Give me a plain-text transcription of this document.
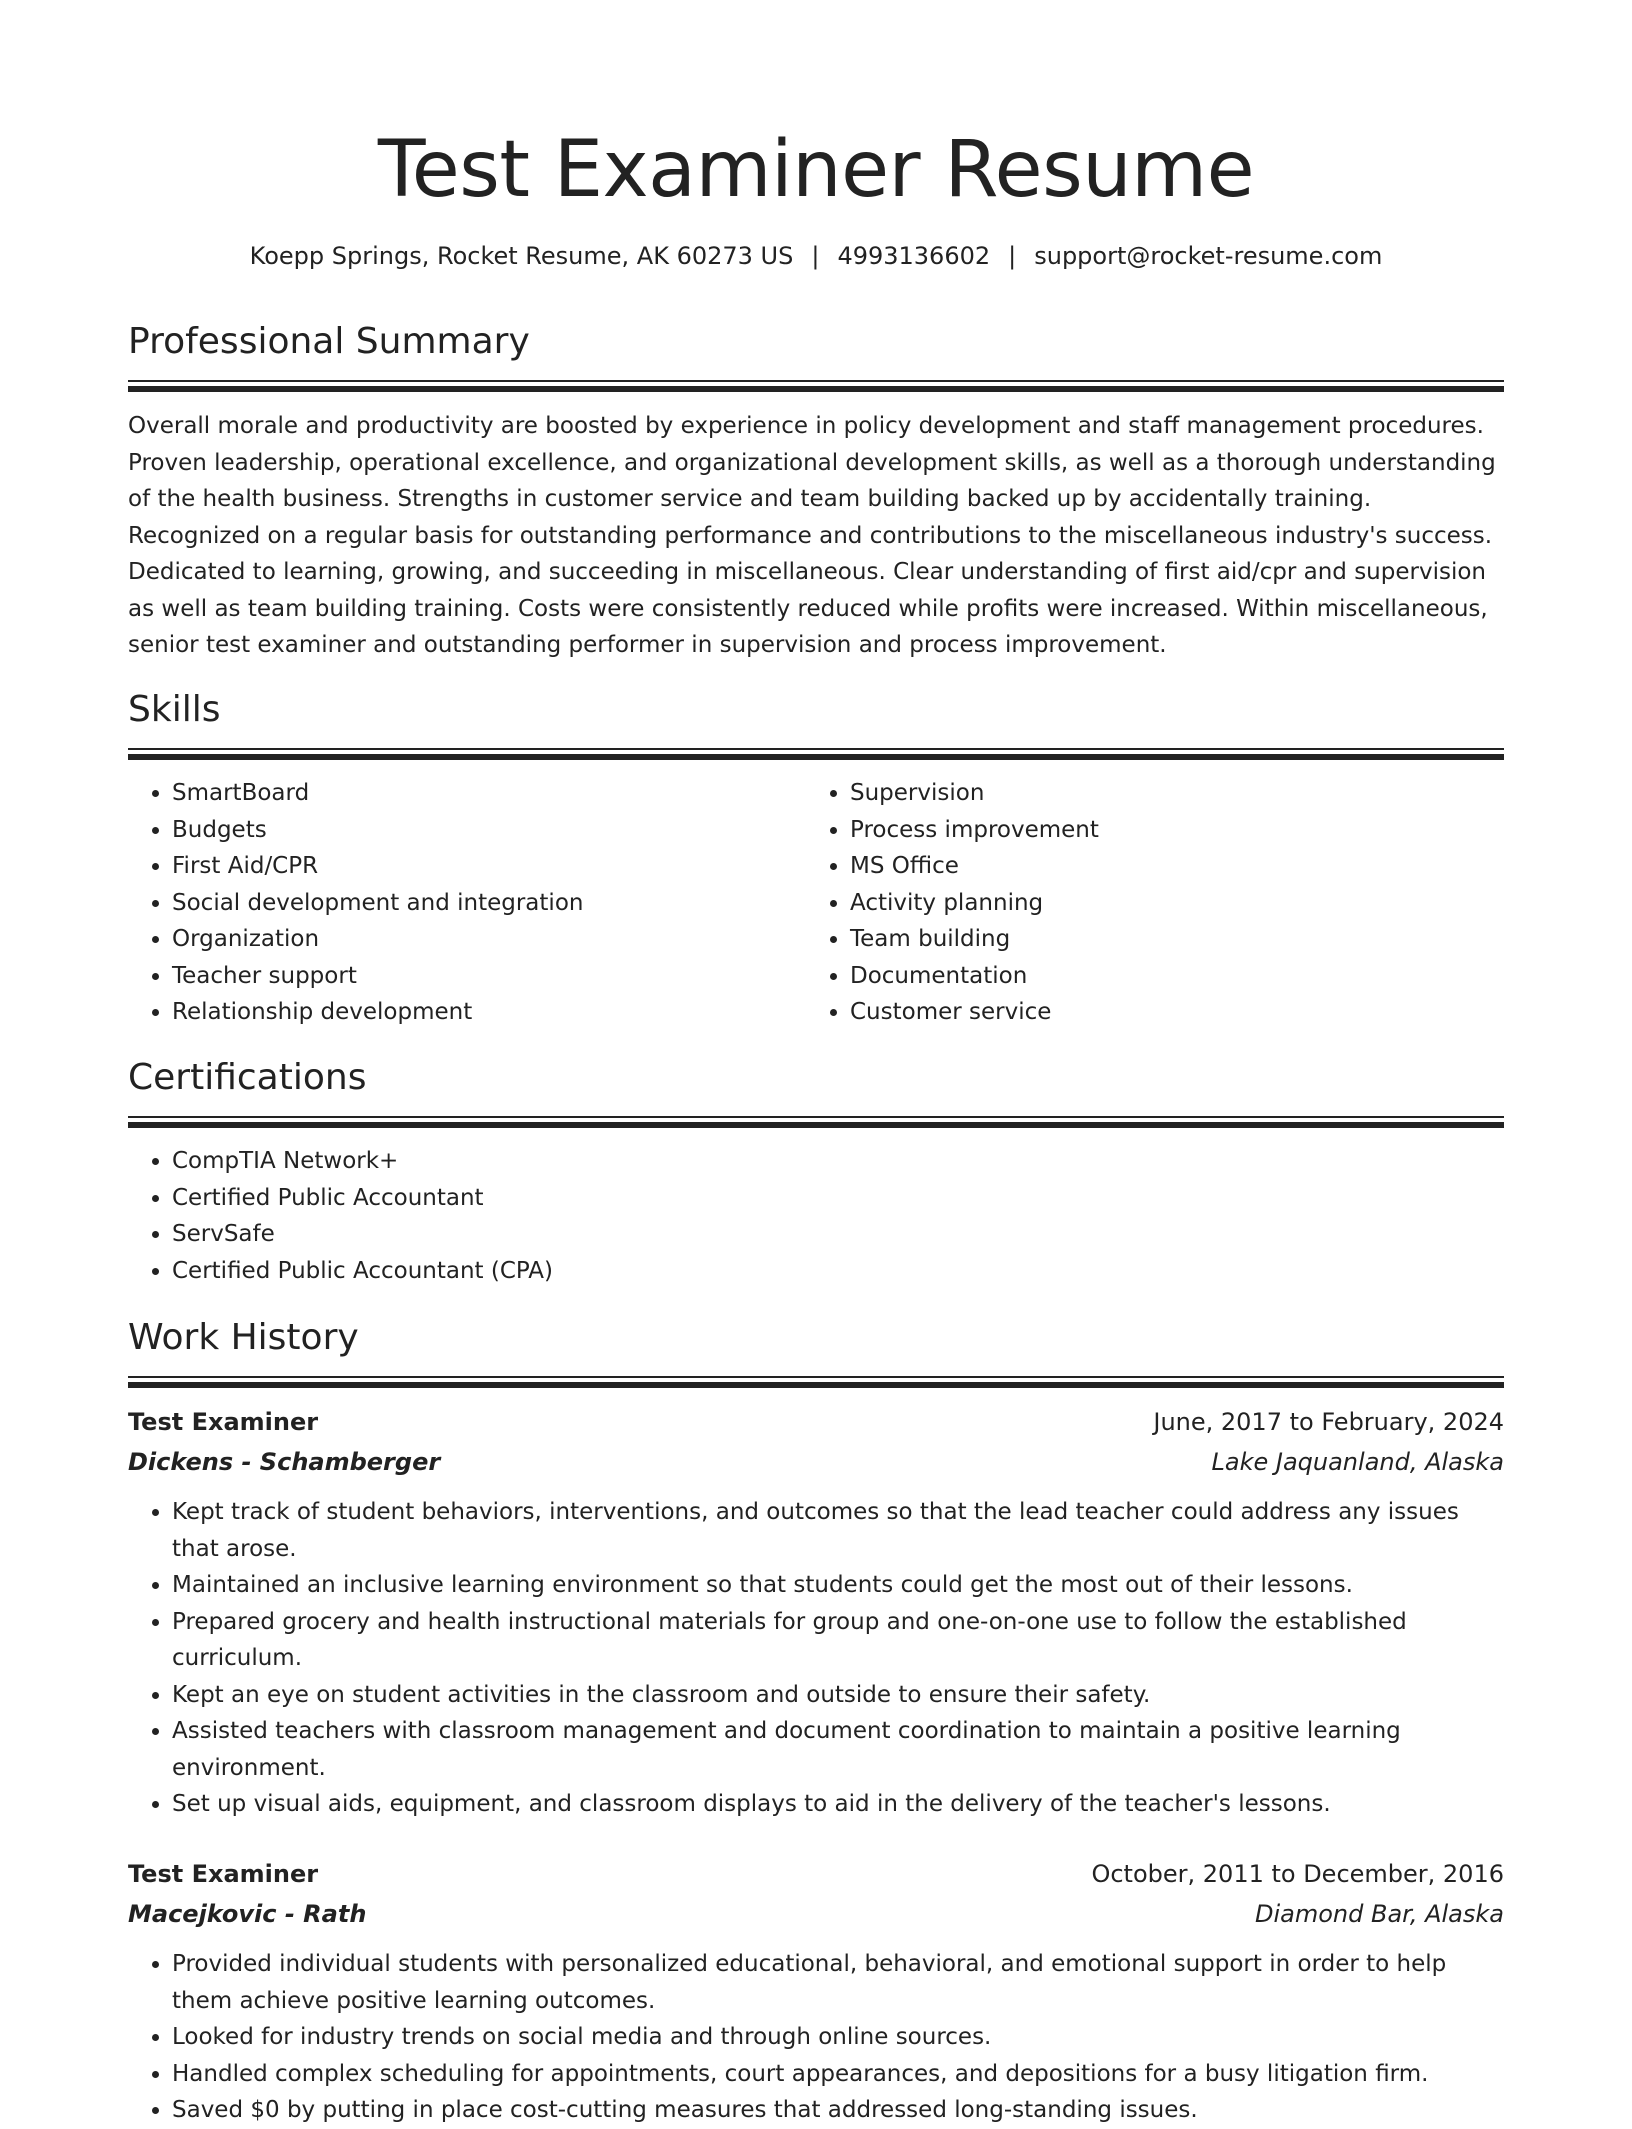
Test Examiner Resume
Koepp Springs, Rocket Resume, AK 60273 US | 4993136602 | support@rocket-resume.com
Professional Summary

Overall morale and productivity are boosted by experience in policy development and staff management procedures. Proven leadership, operational excellence, and organizational development skills, as well as a thorough understanding of the health business. Strengths in customer service and team building backed up by accidentally training. Recognized on a regular basis for outstanding performance and contributions to the miscellaneous industry's success. Dedicated to learning, growing, and succeeding in miscellaneous. Clear understanding of first aid/cpr and supervision as well as team building training. Costs were consistently reduced while profits were increased. Within miscellaneous, senior test examiner and outstanding performer in supervision and process improvement.

Skills
• SmartBoard
• Budgets
• First Aid/CPR
• Social development and integration
• Organization
• Teacher support
• Relationship development
• Supervision
• Process improvement
• MS Office
• Activity planning
• Team building
• Documentation
• Customer service
Certifications
• CompTIA Network+
• Certified Public Accountant
• ServSafe
• Certified Public Accountant (CPA)
Work History
Test Examiner	June, 2017 to February, 2024
Dickens - Schamberger	Lake Jaquanland, Alaska
• Kept track of student behaviors, interventions, and outcomes so that the lead teacher could address any issues that arose.
• Maintained an inclusive learning environment so that students could get the most out of their lessons.
• Prepared grocery and health instructional materials for group and one-on-one use to follow the established curriculum.
• Kept an eye on student activities in the classroom and outside to ensure their safety.
• Assisted teachers with classroom management and document coordination to maintain a positive learning environment.
• Set up visual aids, equipment, and classroom displays to aid in the delivery of the teacher's lessons.
Test Examiner	October, 2011 to December, 2016
Macejkovic - Rath	Diamond Bar, Alaska
• Provided individual students with personalized educational, behavioral, and emotional support in order to help them achieve positive learning outcomes.
• Looked for industry trends on social media and through online sources.
• Handled complex scheduling for appointments, court appearances, and depositions for a busy litigation firm.
• Saved $0 by putting in place cost-cutting measures that addressed long-standing issues.
